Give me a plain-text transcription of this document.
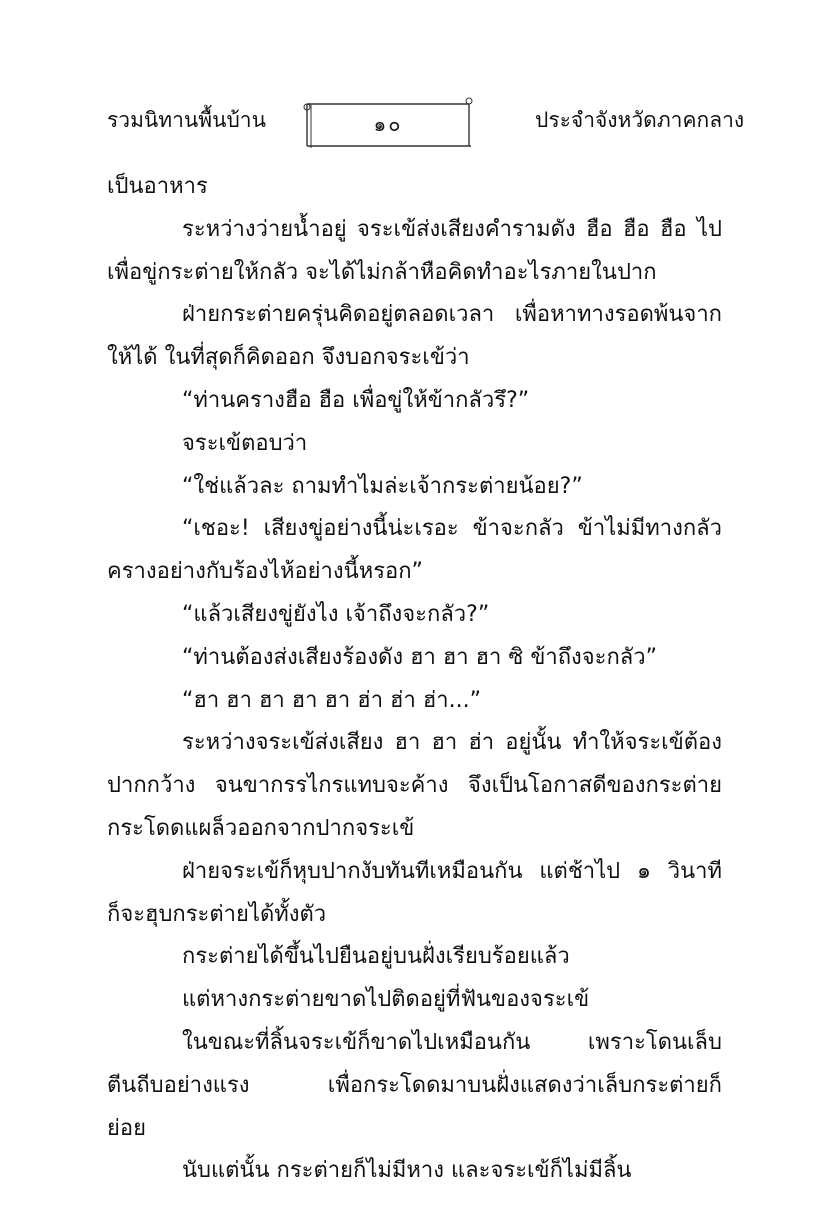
รวมนิทานพื้นบ้าน	๑๐	ประจำจังหวัดภาคกลาง
เป็นอาหาร
ระหว่างว่ายน้ำอยู่ จระเข้ส่งเสียงคำรามดัง ฮือ ฮือ ฮือ ไป
เพื่อขู่กระต่ายให้กลัว จะได้ไม่กล้าหือคิดทำอะไรภายในปาก
ฝ่ายกระต่ายครุ่นคิดอยู่ตลอดเวลา เพื่อหาทางรอดพ้นจาก
ให้ได้ ในที่สุดก็คิดออก จึงบอกจระเข้ว่า
“ท่านครางฮือ ฮือ เพื่อขู่ให้ข้ากลัวรึ?”
จระเข้ตอบว่า
“ใช่แล้วละ ถามทำไมล่ะเจ้ากระต่ายน้อย?”
“เชอะ! เสียงขู่อย่างนี้น่ะเรอะ ข้าจะกลัว ข้าไม่มีทางกลัว
ครางอย่างกับร้องไห้อย่างนี้หรอก”
“แล้วเสียงขู่ยังไง เจ้าถึงจะกลัว?”
“ท่านต้องส่งเสียงร้องดัง ฮา ฮา ฮา ซิ ข้าถึงจะกลัว”
“ฮา ฮา ฮา ฮา ฮา ฮ่า ฮ่า ฮ่า...”
ระหว่างจระเข้ส่งเสียง ฮา ฮา ฮ่า อยู่นั้น ทำให้จระเข้ต้อง
ปากกว้าง จนขากรรไกรแทบจะค้าง จึงเป็นโอกาสดีของกระต่าย
กระโดดแผล็วออกจากปากจระเข้
ฝ่ายจระเข้ก็หุบปากงับทันทีเหมือนกัน แต่ช้าไป ๑ วินาที
ก็จะฮุบกระต่ายได้ทั้งตัว
กระต่ายได้ขึ้นไปยืนอยู่บนฝั่งเรียบร้อยแล้ว
แต่หางกระต่ายขาดไปติดอยู่ที่ฟันของจระเข้
ในขณะที่ลิ้นจระเข้ก็ขาดไปเหมือนกัน เพราะโดนเล็บ
ตีนถีบอย่างแรง เพื่อกระโดดมาบนฝั่งแสดงว่าเล็บกระต่ายก็
ย่อย
นับแต่นั้น กระต่ายก็ไม่มีหาง และจระเข้ก็ไม่มีลิ้น
